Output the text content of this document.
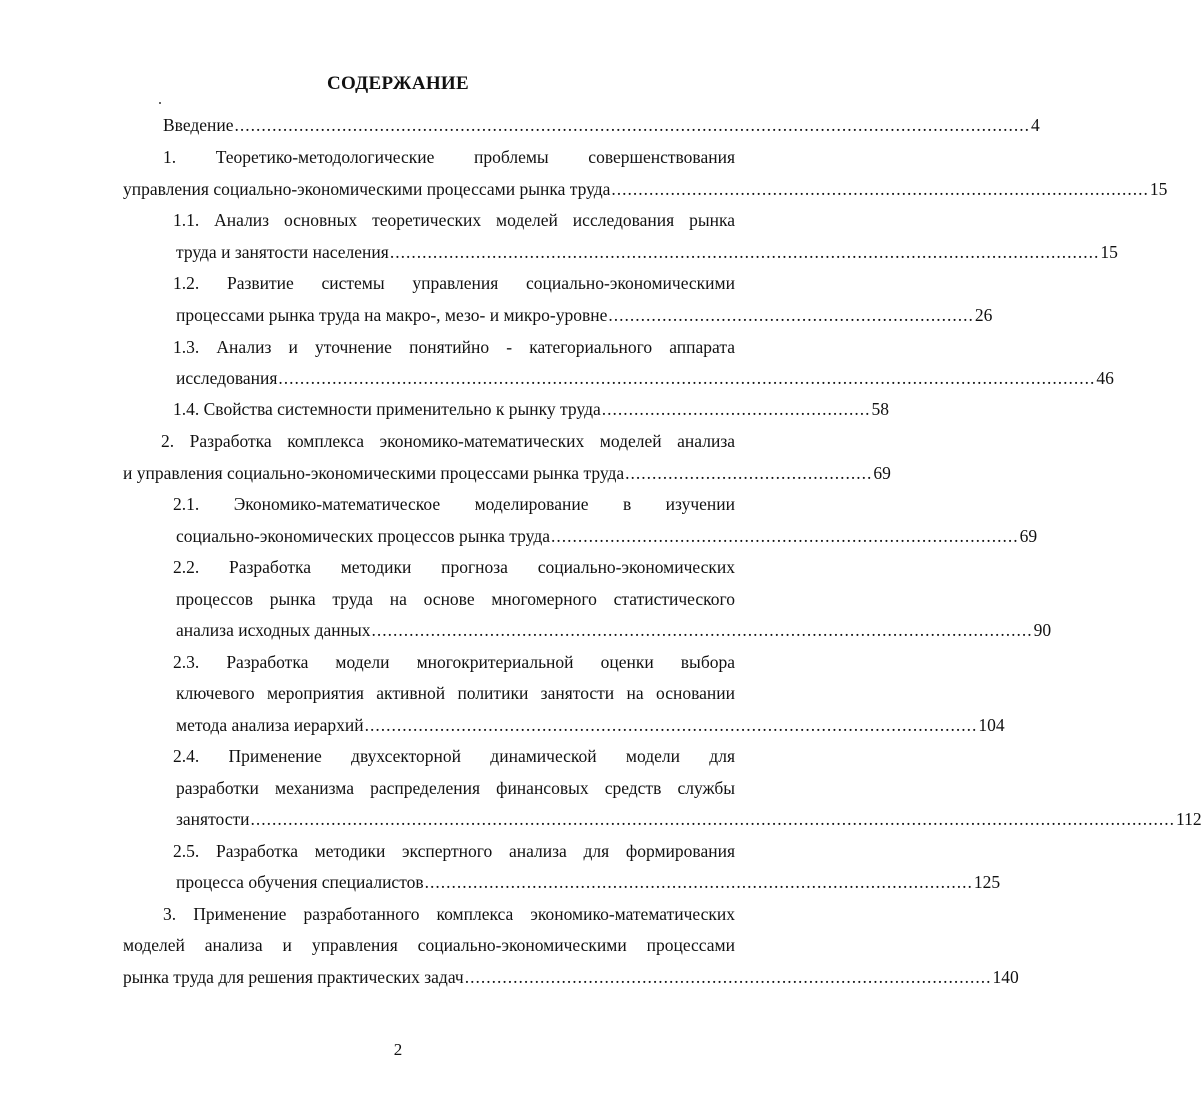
СОДЕРЖАНИЕ
Введение .................................................................................................................................................... 4
1. Теоретико-методологические проблемы совершенствования
управления социально-экономическими процессами рынка труда .................................................................................................... 15
1.1. Анализ основных теоретических моделей исследования рынка
труда и занятости населения .................................................................................................................................... 15
1.2. Развитие системы управления социально-экономическими
процессами рынка труда на макро-, мезо- и микро-уровне .................................................................... 26
1.3. Анализ и уточнение понятийно - категориального аппарата
исследования ........................................................................................................................................................ 46
1.4. Свойства системности применительно к рынку труда .................................................. 58
2. Разработка комплекса экономико-математических моделей анализа
и управления социально-экономическими процессами рынка труда .............................................. 69
2.1. Экономико-математическое моделирование в изучении
социально-экономических процессов рынка труда ....................................................................................... 69
2.2. Разработка методики прогноза социально-экономических
процессов рынка труда на основе многомерного статистического
анализа исходных данных ........................................................................................................................... 90
2.3. Разработка модели многокритериальной оценки выбора
ключевого мероприятия активной политики занятости на основании
метода анализа иерархий .................................................................................................................. 104
2.4. Применение двухсекторной динамической модели для
разработки механизма распределения финансовых средств службы
занятости ............................................................................................................................................................................ 112
2.5. Разработка методики экспертного анализа для формирования
процесса обучения специалистов ...................................................................................................... 125
3. Применение разработанного комплекса экономико-математических
моделей анализа и управления социально-экономическими процессами
рынка труда для решения практических задач .................................................................................................. 140
2
